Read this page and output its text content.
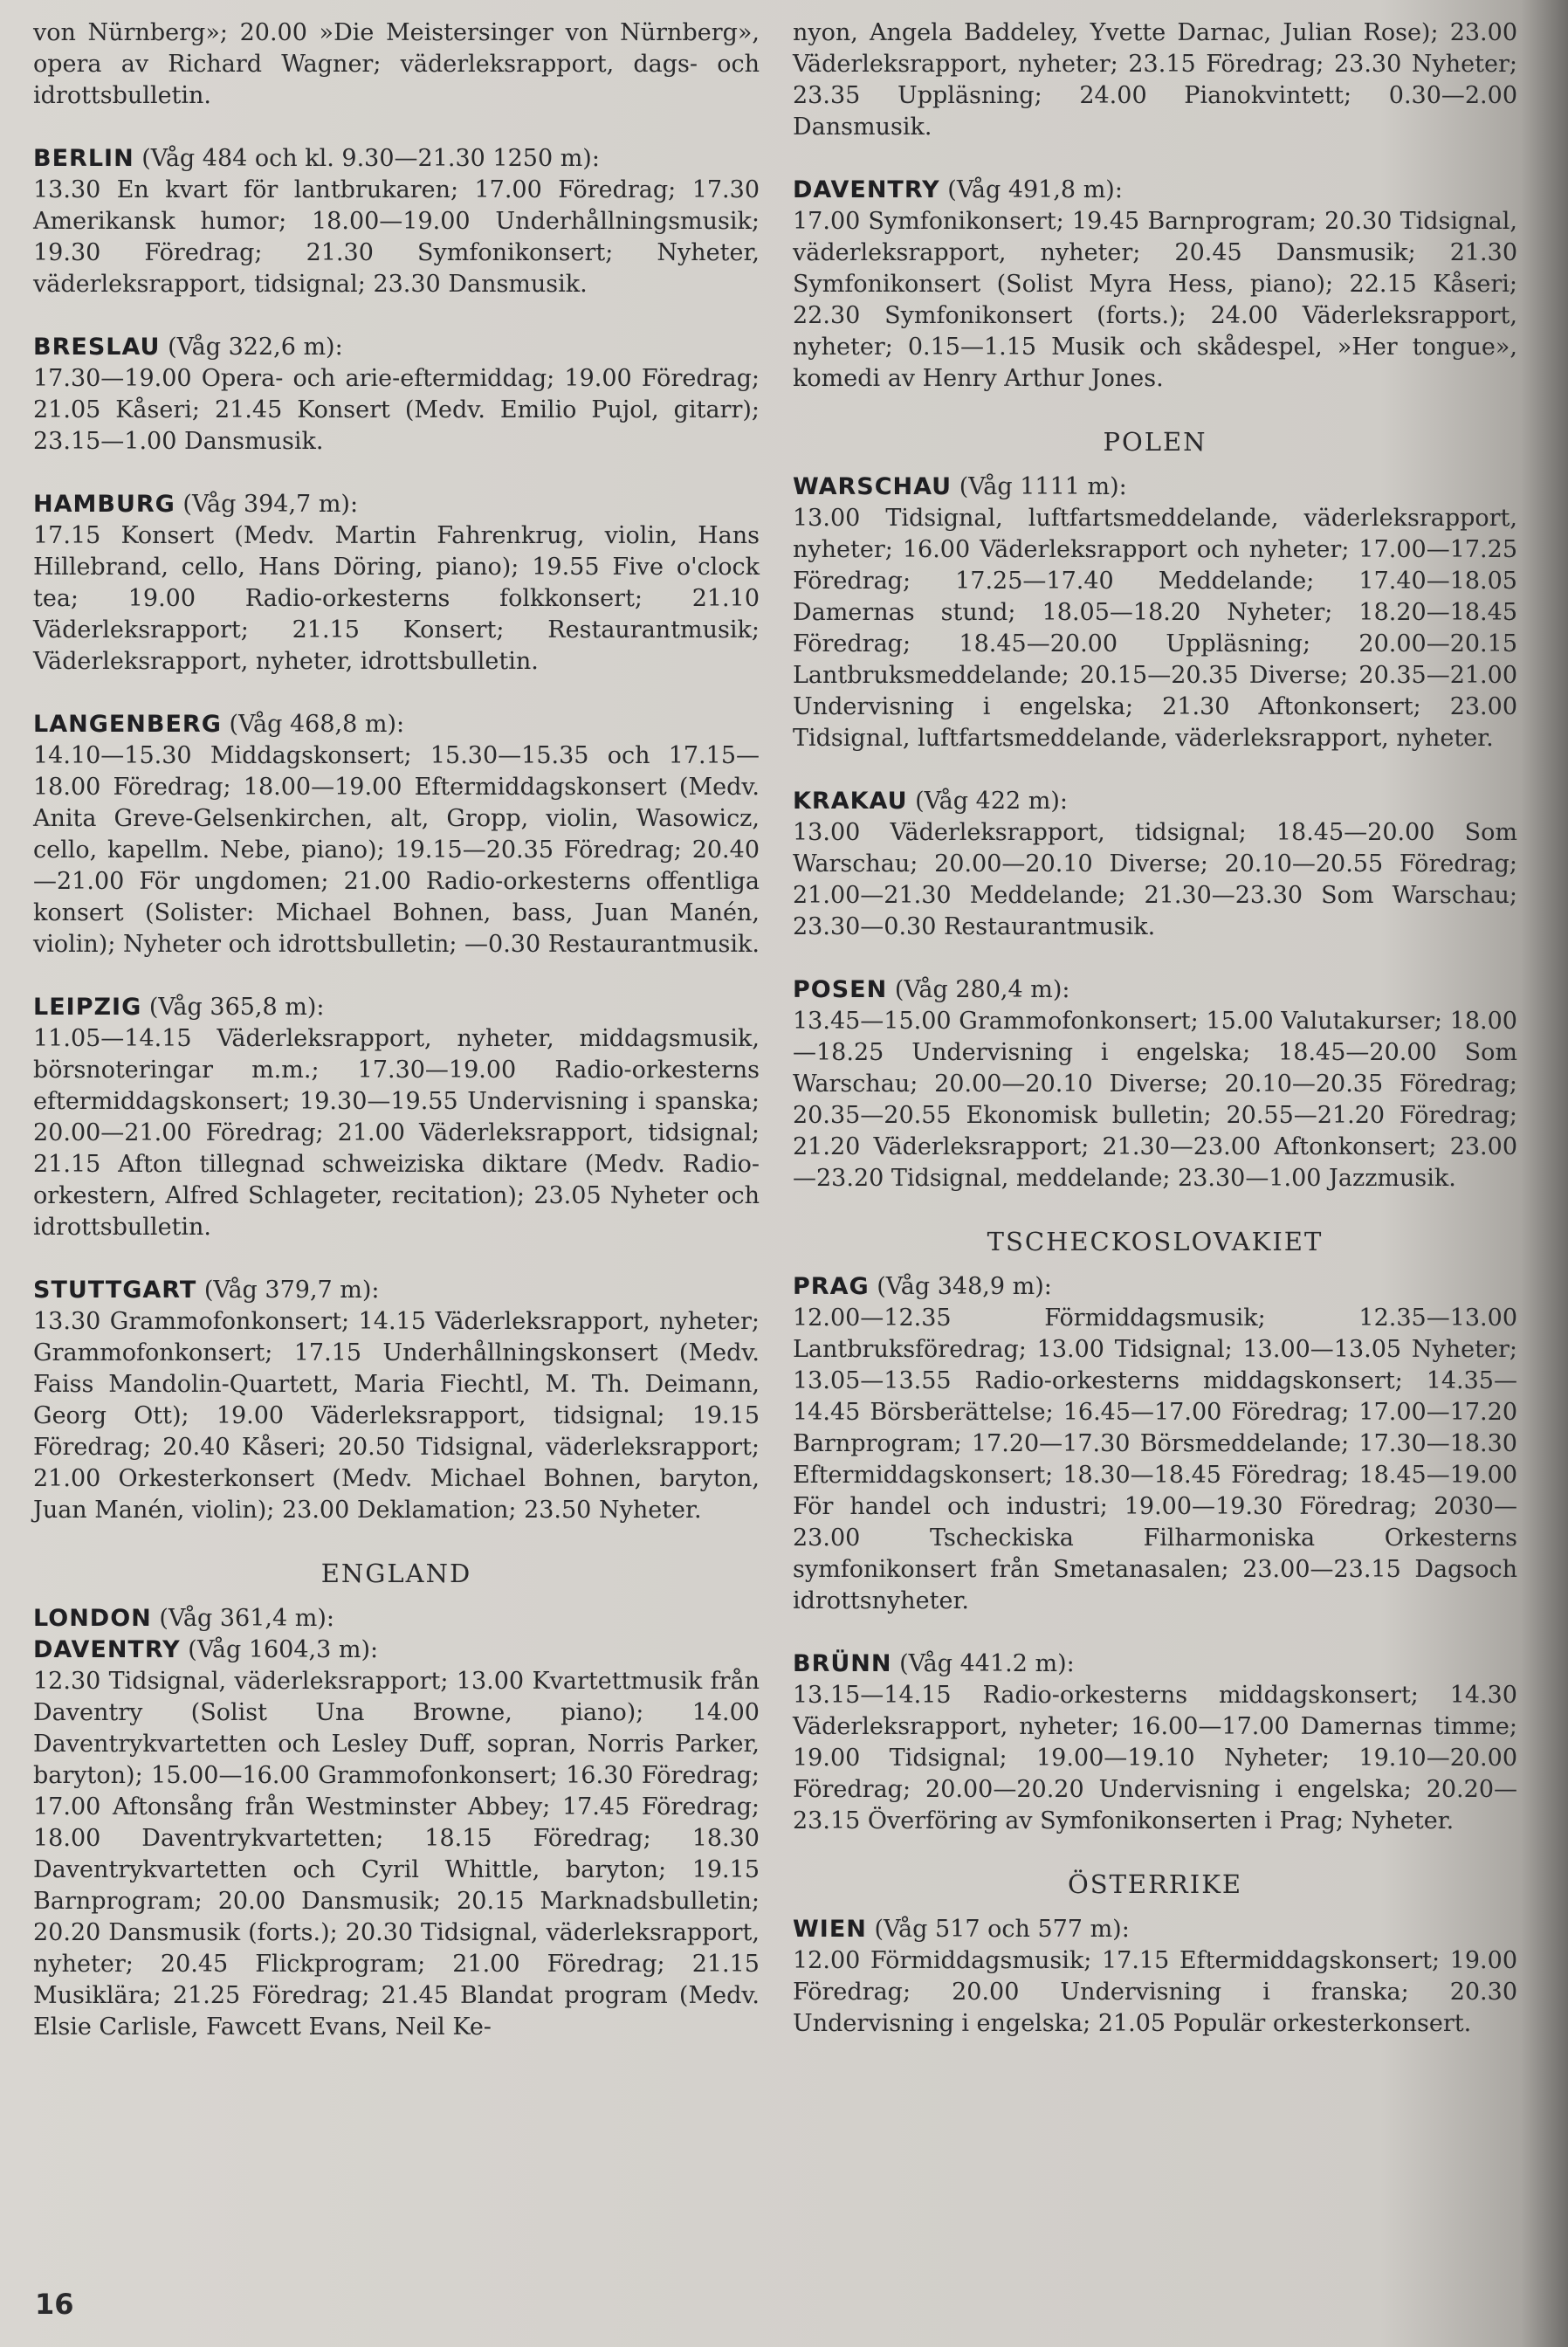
von Nürnberg»; 20.00 »Die Meistersinger von Nürnberg», opera av Richard Wagner; väderleksrapport, dags- och idrottsbulletin.

BERLIN (Våg 484 och kl. 9.30—21.30 1250 m):

13.30 En kvart för lantbrukaren; 17.00 Föredrag; 17.30 Amerikansk humor; 18.00—19.00 Underhållningsmusik; 19.30 Föredrag; 21.30 Symfonikonsert; Nyheter, väderleksrapport, tidsignal; 23.30 Dansmusik.

BRESLAU (Våg 322,6 m):

17.30—19.00 Opera- och arie-eftermiddag; 19.00 Föredrag; 21.05 Kåseri; 21.45 Konsert (Medv. Emilio Pujol, gitarr); 23.15—1.00 Dansmusik.

HAMBURG (Våg 394,7 m):

17.15 Konsert (Medv. Martin Fahrenkrug, violin, Hans Hillebrand, cello, Hans Döring, piano); 19.55 Five o'clock tea; 19.00 Radio-orkesterns folkkonsert; 21.10 Väderleksrapport; 21.15 Konsert; Restaurantmusik; Väderleksrapport, nyheter, idrottsbulletin.

LANGENBERG (Våg 468,8 m):

14.10—15.30 Middagskonsert; 15.30—15.35 och 17.15—18.00 Föredrag; 18.00—19.00 Eftermiddagskonsert (Medv. Anita Greve-Gelsenkirchen, alt, Gropp, violin, Wasowicz, cello, kapellm. Nebe, piano); 19.15—20.35 Föredrag; 20.40—21.00 För ungdomen; 21.00 Radio-orkesterns offentliga konsert (Solister: Michael Bohnen, bass, Juan Manén, violin); Nyheter och idrottsbulletin; —0.30 Restaurantmusik.

LEIPZIG (Våg 365,8 m):

11.05—14.15 Väderleksrapport, nyheter, middagsmusik, börsnoteringar m.m.; 17.30—19.00 Radio-orkesterns eftermiddagskonsert; 19.30—19.55 Undervisning i spanska; 20.00—21.00 Föredrag; 21.00 Väderleksrapport, tidsignal; 21.15 Afton tillegnad schweiziska diktare (Medv. Radio-orkestern, Alfred Schlageter, recitation); 23.05 Nyheter och idrottsbulletin.

STUTTGART (Våg 379,7 m):

13.30 Grammofonkonsert; 14.15 Väderleksrapport, nyheter; Grammofonkonsert; 17.15 Underhållningskonsert (Medv. Faiss Mandolin-Quartett, Maria Fiechtl, M. Th. Deimann, Georg Ott); 19.00 Väderleksrapport, tidsignal; 19.15 Föredrag; 20.40 Kåseri; 20.50 Tidsignal, väderleksrapport; 21.00 Orkesterkonsert (Medv. Michael Bohnen, baryton, Juan Manén, violin); 23.00 Deklamation; 23.50 Nyheter.

ENGLAND

LONDON (Våg 361,4 m):

DAVENTRY (Våg 1604,3 m):

12.30 Tidsignal, väderleksrapport; 13.00 Kvartettmusik från Daventry (Solist Una Browne, piano); 14.00 Daventrykvartetten och Lesley Duff, sopran, Norris Parker, baryton); 15.00—16.00 Grammofonkonsert; 16.30 Föredrag; 17.00 Aftonsång från Westminster Abbey; 17.45 Föredrag; 18.00 Daventrykvartetten; 18.15 Föredrag; 18.30 Daventrykvartetten och Cyril Whittle, baryton; 19.15 Barnprogram; 20.00 Dansmusik; 20.15 Marknadsbulletin; 20.20 Dansmusik (forts.); 20.30 Tidsignal, väderleksrapport, nyheter; 20.45 Flickprogram; 21.00 Föredrag; 21.15 Musiklära; 21.25 Föredrag; 21.45 Blandat program (Medv. Elsie Carlisle, Fawcett Evans, Neil Ke-

nyon, Angela Baddeley, Yvette Darnac, Julian Rose); 23.00 Väderleksrapport, nyheter; 23.15 Föredrag; 23.30 Nyheter; 23.35 Uppläsning; 24.00 Pianokvintett; 0.30—2.00 Dansmusik.

DAVENTRY (Våg 491,8 m):

17.00 Symfonikonsert; 19.45 Barnprogram; 20.30 Tidsignal, väderleksrapport, nyheter; 20.45 Dansmusik; 21.30 Symfonikonsert (Solist Myra Hess, piano); 22.15 Kåseri; 22.30 Symfonikonsert (forts.); 24.00 Väderleksrapport, nyheter; 0.15—1.15 Musik och skådespel, »Her tongue», komedi av Henry Arthur Jones.

POLEN

WARSCHAU (Våg 1111 m):

13.00 Tidsignal, luftfartsmeddelande, väderleksrapport, nyheter; 16.00 Väderleksrapport och nyheter; 17.00—17.25 Föredrag; 17.25—17.40 Meddelande; 17.40—18.05 Damernas stund; 18.05—18.20 Nyheter; 18.20—18.45 Föredrag; 18.45—20.00 Uppläsning; 20.00—20.15 Lantbruksmeddelande; 20.15—20.35 Diverse; 20.35—21.00 Undervisning i engelska; 21.30 Aftonkonsert; 23.00 Tidsignal, luftfartsmeddelande, väderleksrapport, nyheter.

KRAKAU (Våg 422 m):

13.00 Väderleksrapport, tidsignal; 18.45—20.00 Som Warschau; 20.00—20.10 Diverse; 20.10—20.55 Föredrag; 21.00—21.30 Meddelande; 21.30—23.30 Som Warschau; 23.30—0.30 Restaurantmusik.

POSEN (Våg 280,4 m):

13.45—15.00 Grammofonkonsert; 15.00 Valutakurser; 18.00—18.25 Undervisning i engelska; 18.45—20.00 Som Warschau; 20.00—20.10 Diverse; 20.10—20.35 Föredrag; 20.35—20.55 Ekonomisk bulletin; 20.55—21.20 Föredrag; 21.20 Väderleksrapport; 21.30—23.00 Aftonkonsert; 23.00—23.20 Tidsignal, meddelande; 23.30—1.00 Jazzmusik.

TSCHECKOSLOVAKIET

PRAG (Våg 348,9 m):

12.00—12.35 Förmiddagsmusik; 12.35—13.00 Lantbruksföredrag; 13.00 Tidsignal; 13.00—13.05 Nyheter; 13.05—13.55 Radio-orkesterns middagskonsert; 14.35—14.45 Börsberättelse; 16.45—17.00 Föredrag; 17.00—17.20 Barnprogram; 17.20—17.30 Börsmeddelande; 17.30—18.30 Eftermiddagskonsert; 18.30—18.45 Föredrag; 18.45—19.00 För handel och industri; 19.00—19.30 Föredrag; 2030—23.00 Tscheckiska Filharmoniska Orkesterns symfonikonsert från Smetanasalen; 23.00—23.15 Dagsoch idrottsnyheter.

BRÜNN (Våg 441.2 m):

13.15—14.15 Radio-orkesterns middagskonsert; 14.30 Väderleksrapport, nyheter; 16.00—17.00 Damernas timme; 19.00 Tidsignal; 19.00—19.10 Nyheter; 19.10—20.00 Föredrag; 20.00—20.20 Undervisning i engelska; 20.20—23.15 Överföring av Symfonikonserten i Prag; Nyheter.

ÖSTERRIKE

WIEN (Våg 517 och 577 m):

12.00 Förmiddagsmusik; 17.15 Eftermiddagskonsert; 19.00 Föredrag; 20.00 Undervisning i franska; 20.30 Undervisning i engelska; 21.05 Populär orkesterkonsert.

16
